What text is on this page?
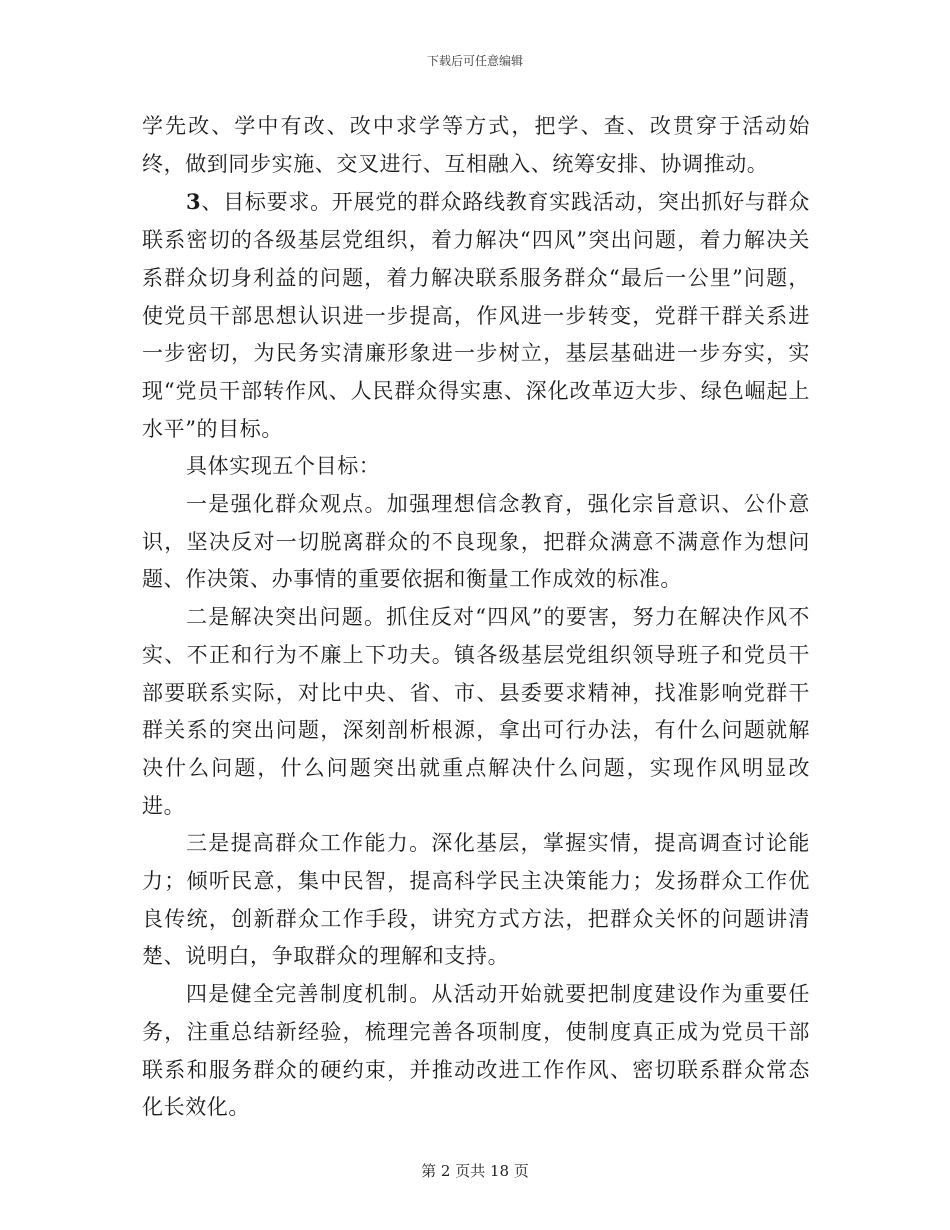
下载后可任意编辑

学先改、学中有改、改中求学等方式，把学、查、改贯穿于活动始终，做到同步实施、交叉进行、互相融入、统筹安排、协调推动。

3、目标要求。开展党的群众路线教育实践活动，突出抓好与群众联系密切的各级基层党组织，着力解决“四风”突出问题，着力解决关系群众切身利益的问题，着力解决联系服务群众“最后一公里”问题，使党员干部思想认识进一步提高，作风进一步转变，党群干群关系进一步密切，为民务实清廉形象进一步树立，基层基础进一步夯实，实现“党员干部转作风、人民群众得实惠、深化改革迈大步、绿色崛起上水平”的目标。

具体实现五个目标：

一是强化群众观点。加强理想信念教育，强化宗旨意识、公仆意识，坚决反对一切脱离群众的不良现象，把群众满意不满意作为想问题、作决策、办事情的重要依据和衡量工作成效的标准。

二是解决突出问题。抓住反对“四风”的要害，努力在解决作风不实、不正和行为不廉上下功夫。镇各级基层党组织领导班子和党员干部要联系实际，对比中央、省、市、县委要求精神，找准影响党群干群关系的突出问题，深刻剖析根源，拿出可行办法，有什么问题就解决什么问题，什么问题突出就重点解决什么问题，实现作风明显改进。

三是提高群众工作能力。深化基层，掌握实情，提高调查讨论能力；倾听民意，集中民智，提高科学民主决策能力；发扬群众工作优良传统，创新群众工作手段，讲究方式方法，把群众关怀的问题讲清楚、说明白，争取群众的理解和支持。

四是健全完善制度机制。从活动开始就要把制度建设作为重要任务，注重总结新经验，梳理完善各项制度，使制度真正成为党员干部联系和服务群众的硬约束，并推动改进工作作风、密切联系群众常态化长效化。

第 2 页共 18 页
